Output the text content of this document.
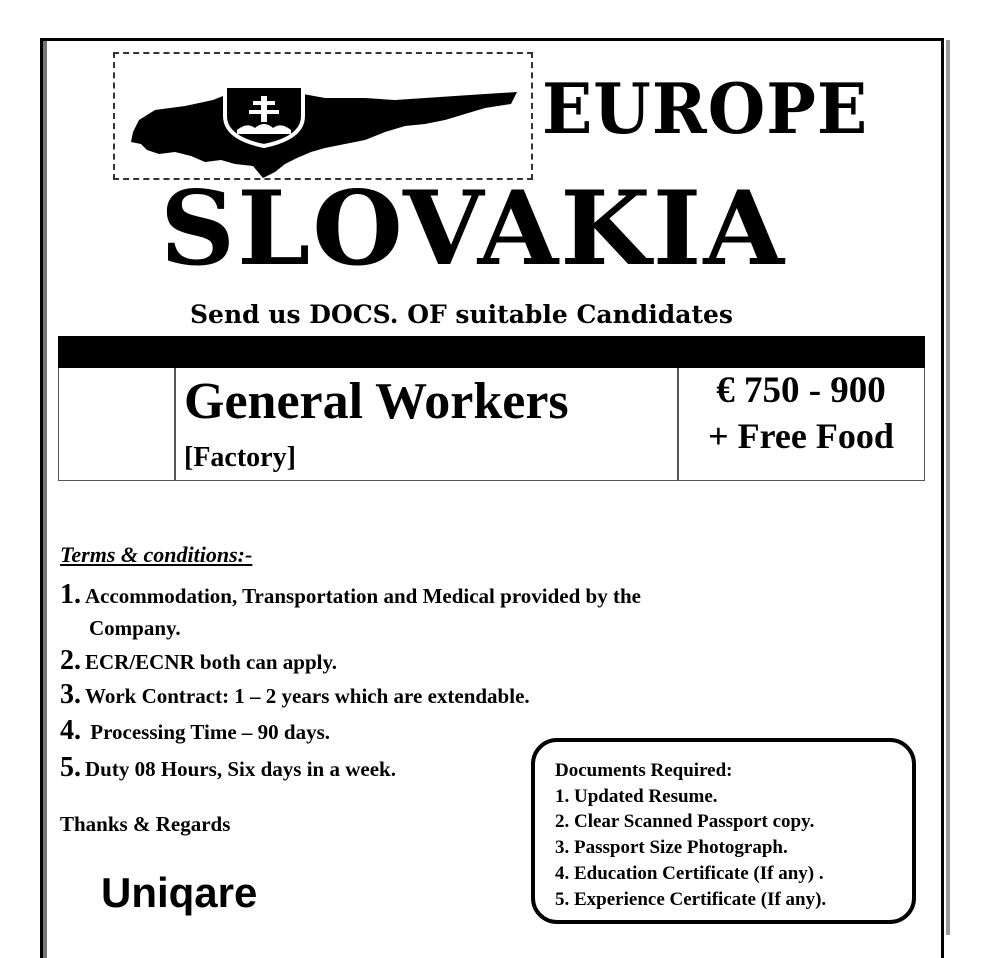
EUROPE
SLOVAKIA
Send us DOCS. OF suitable Candidates
General Workers
[Factory]
€ 750 - 900
+ Free Food
Terms & conditions:-
1. Accommodation, Transportation and Medical provided by the
Company.
2. ECR/ECNR both can apply.
3. Work Contract: 1 – 2 years which are extendable.
4. Processing Time – 90 days.
5. Duty 08 Hours, Six days in a week.
Thanks & Regards
Uniqare
Documents Required:
1. Updated Resume.
2. Clear Scanned Passport copy.
3. Passport Size Photograph.
4. Education Certificate (If any) .
5. Experience Certificate (If any).
